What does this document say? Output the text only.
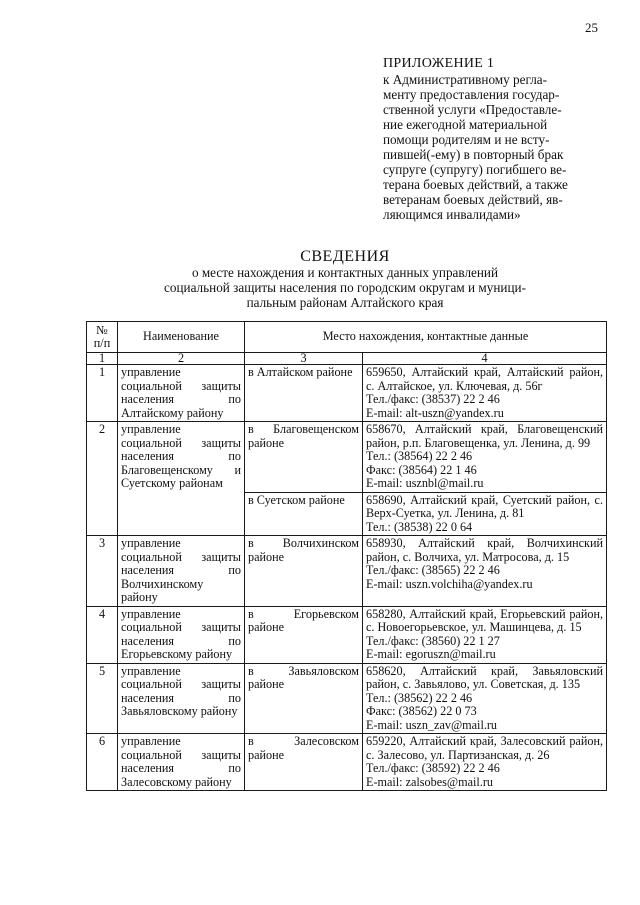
25
ПРИЛОЖЕНИЕ 1
к Административному регла-
менту предоставления государ-
ственной услуги «Предоставле-
ние ежегодной материальной
помощи родителям и не всту-
пившей(-ему) в повторный брак
супруге (супругу) погибшего ве-
терана боевых действий, а также
ветеранам боевых действий, яв-
ляющимся инвалидами»
СВЕДЕНИЯ
о месте нахождения и контактных данных управлений
социальной защиты населения по городским округам и муници-
пальным районам Алтайского края
№ п/п	Наименование	Место нахождения, контактные данные	
1	2	3	4
1	управление социальной защиты населения по Алтайскому району	в Алтайском районе	659650, Алтайский край, Алтайский район, с. Алтайское, ул. Ключевая, д. 56г
Тел./факс: (38537) 22 2 46
E-mail: alt-uszn@yandex.ru

2	управление социальной защиты населения по Благовещенскому и Суетскому районам	в Благовещенском районе	658670, Алтайский край, Благовещенский район, р.п. Благовещенка, ул. Ленина, д. 99
Тел.: (38564) 22 2 46
Факс: (38564) 22 1 46
E-mail: usznbl@mail.ru

		в Суетском районе	658690, Алтайский край, Суетский район, с. Верх-Суетка, ул. Ленина, д. 81
Тел.: (38538) 22 0 64

3	управление социальной защиты населения по Волчихинскому району	в Волчихинском районе	658930, Алтайский край, Волчихинский район, с. Волчиха, ул. Матросова, д. 15
Тел./факс: (38565) 22 2 46
E-mail: uszn.volchiha@yandex.ru

4	управление социальной защиты населения по Егорьевскому району	в Егорьевском районе	658280, Алтайский край, Егорьевский район, с. Новоегорьевское, ул. Машинцева, д. 15
Тел./факс: (38560) 22 1 27
E-mail: egoruszn@mail.ru

5	управление социальной защиты населения по Завьяловскому району	в Завьяловском районе	658620, Алтайский край, Завьяловский район, с. Завьялово, ул. Советская, д. 135
Тел.: (38562) 22 2 46
Факс: (38562) 22 0 73
E-mail: uszn_zav@mail.ru

6	управление социальной защиты населения по Залесовскому району	в Залесовском районе	659220, Алтайский край, Залесовский район, с. Залесово, ул. Партизанская, д. 26
Тел./факс: (38592) 22 2 46
E-mail: zalsobes@mail.ru
